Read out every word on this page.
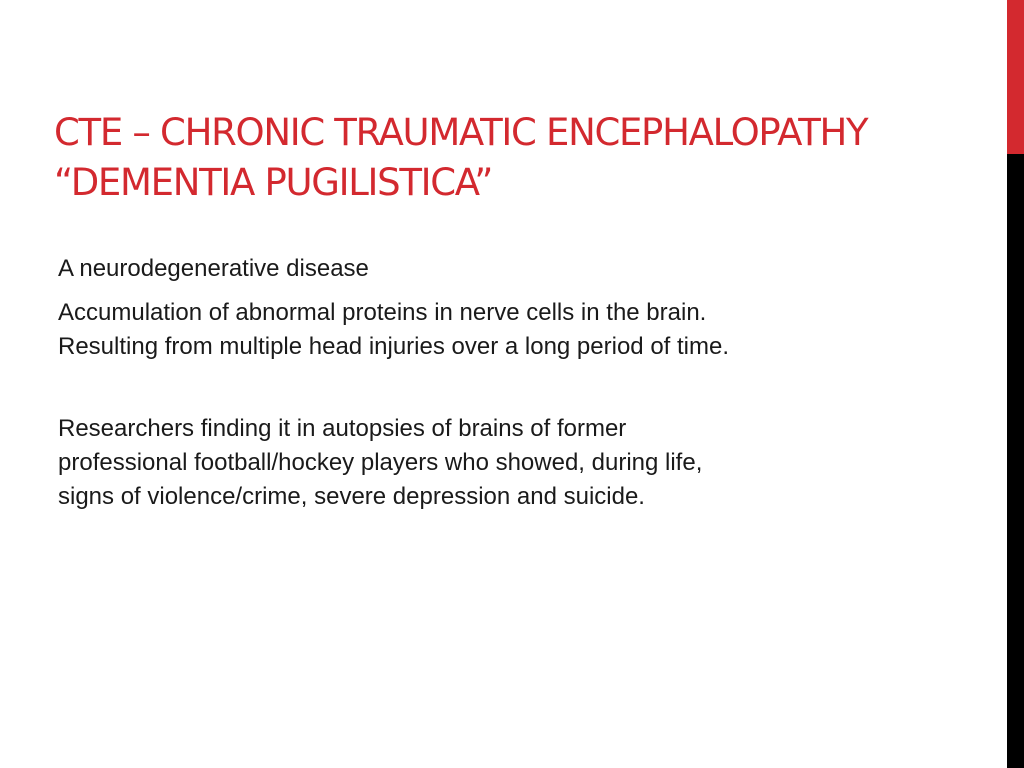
CTE – CHRONIC TRAUMATIC ENCEPHALOPATHY
“DEMENTIA PUGILISTICA”

A neurodegenerative disease

Accumulation of abnormal proteins in nerve cells in the brain.
Resulting from multiple head injuries over a long period of time.

Researchers finding it in autopsies of brains of former
professional football/hockey players who showed, during life,
signs of violence/crime, severe depression and suicide.
